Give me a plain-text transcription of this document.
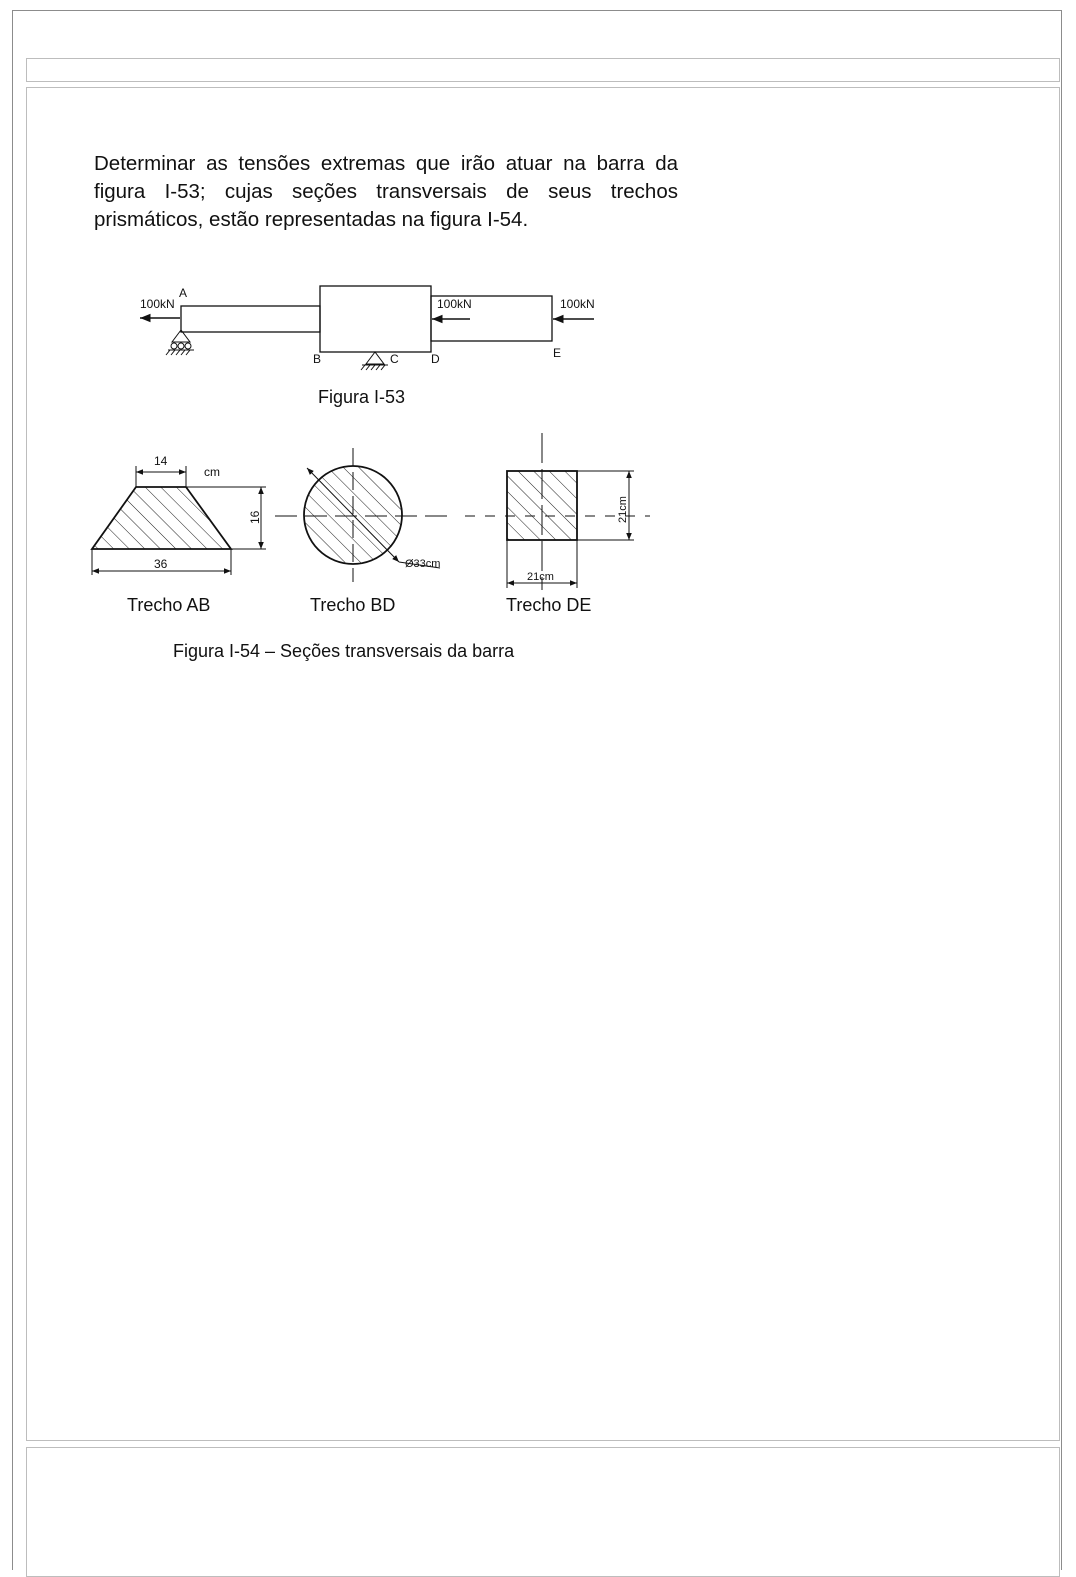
Determinar as tensões extremas que irão atuar na barra da figura I-53; cujas seções transversais de seus trechos prismáticos, estão representadas na figura I-54.

100kN	100kN	100kN
A
B	C	D	E
Figura I-53
14
cm
16
36	Ø33cm
21cm
21cm
Trecho AB	Trecho BD	Trecho DE
Figura I-54 – Seções transversais da barra
